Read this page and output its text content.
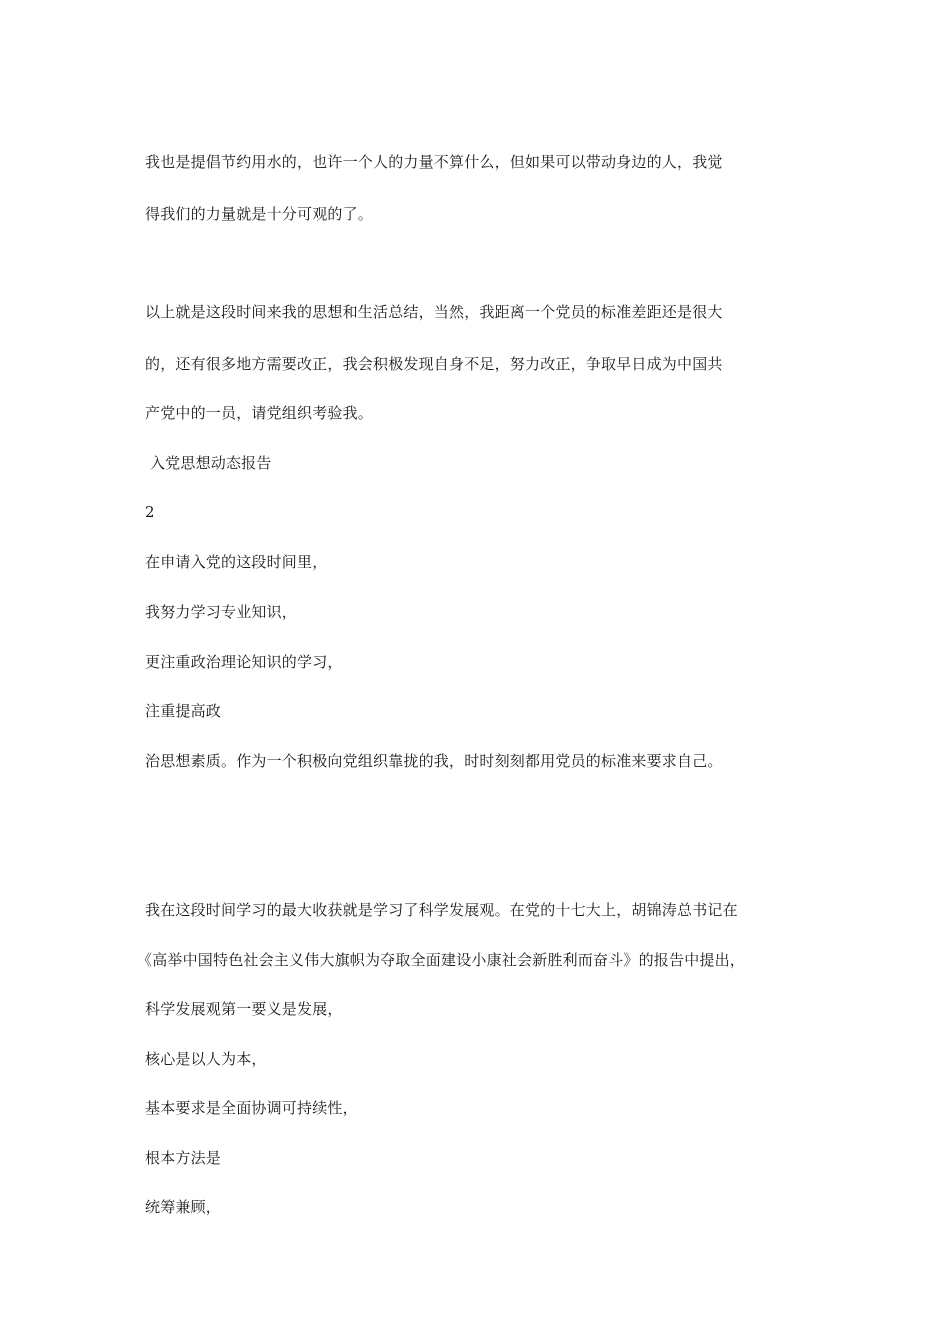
我也是提倡节约用水的，也许一个人的力量不算什么，但如果可以带动身边的人，我觉
得我们的力量就是十分可观的了。
以上就是这段时间来我的思想和生活总结，当然，我距离一个党员的标准差距还是很大
的，还有很多地方需要改正，我会积极发现自身不足，努力改正，争取早日成为中国共
产党中的一员，请党组织考验我。
入党思想动态报告
2
在申请入党的这段时间里，
我努力学习专业知识，
更注重政治理论知识的学习，
注重提高政
治思想素质。作为一个积极向党组织靠拢的我，时时刻刻都用党员的标准来要求自己。
我在这段时间学习的最大收获就是学习了科学发展观。在党的十七大上，胡锦涛总书记在
《高举中国特色社会主义伟大旗帜为夺取全面建设小康社会新胜利而奋斗》的报告中提出，
科学发展观第一要义是发展，
核心是以人为本，
基本要求是全面协调可持续性，
根本方法是
统筹兼顾，
